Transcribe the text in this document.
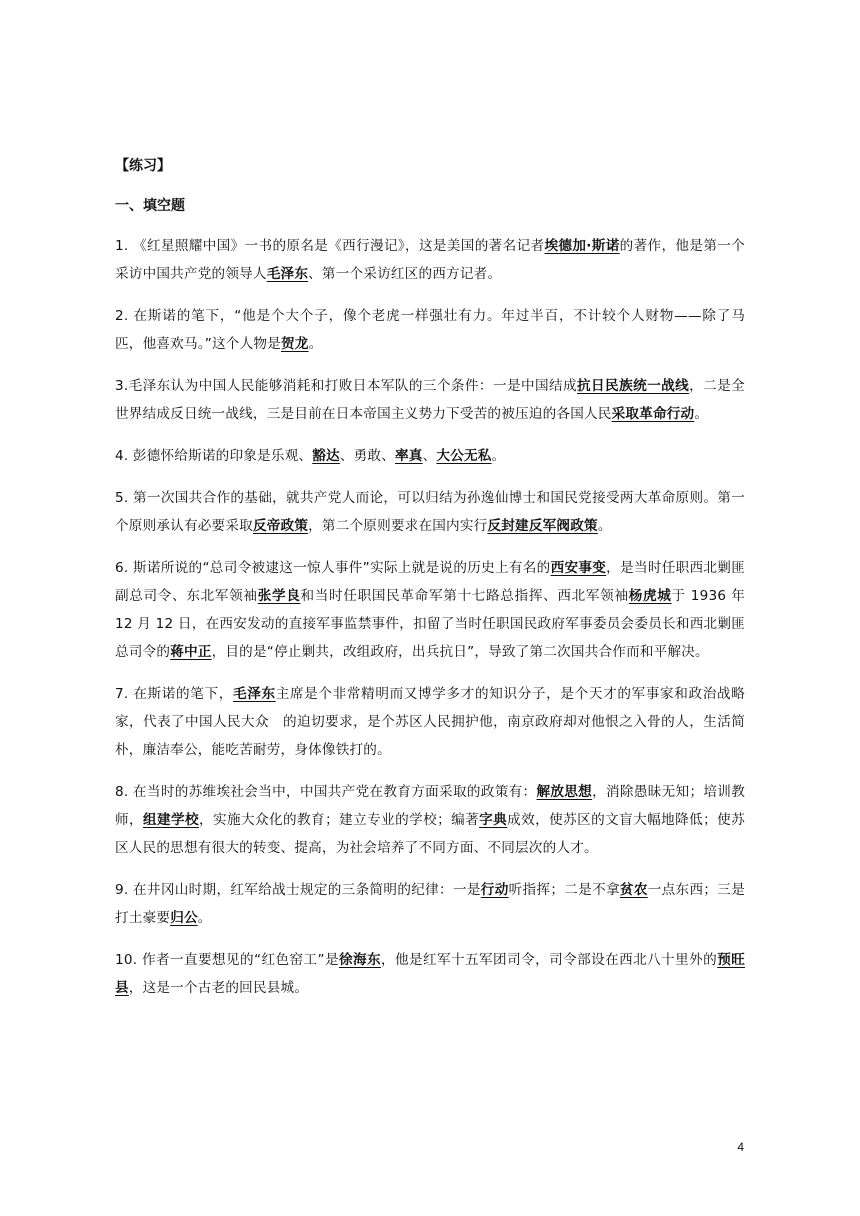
【练习】
一、填空题

1. 《红星照耀中国》一书的原名是《西行漫记》，这是美国的著名记者埃德加·斯诺的著作，他是第一个采访中国共产党的领导人毛泽东、第一个采访红区的西方记者。

2. 在斯诺的笔下，“他是个大个子，像个老虎一样强壮有力。年过半百，不计较个人财物——除了马匹，他喜欢马。”这个人物是贺龙。

3.毛泽东认为中国人民能够消耗和打败日本军队的三个条件：一是中国结成抗日民族统一战线，二是全世界结成反日统一战线，三是目前在日本帝国主义势力下受苦的被压迫的各国人民采取革命行动。

4. 彭德怀给斯诺的印象是乐观、豁达、勇敢、率真、大公无私。

5. 第一次国共合作的基础，就共产党人而论，可以归结为孙逸仙博士和国民党接受两大革命原则。第一个原则承认有必要采取反帝政策，第二个原则要求在国内实行反封建反军阀政策。

6. 斯诺所说的“总司令被逮这一惊人事件”实际上就是说的历史上有名的西安事变，是当时任职西北剿匪副总司令、东北军领袖张学良和当时任职国民革命军第十七路总指挥、西北军领袖杨虎城于 1936 年 12 月 12 日，在西安发动的直接军事监禁事件，扣留了当时任职国民政府军事委员会委员长和西北剿匪总司令的蒋中正，目的是“停止剿共，改组政府，出兵抗日”，导致了第二次国共合作而和平解决。

7. 在斯诺的笔下，毛泽东主席是个非常精明而又博学多才的知识分子，是个天才的军事家和政治战略家，代表了中国人民大众　的迫切要求，是个苏区人民拥护他，南京政府却对他恨之入骨的人，生活简朴，廉洁奉公，能吃苦耐劳，身体像铁打的。

8. 在当时的苏维埃社会当中，中国共产党在教育方面采取的政策有：解放思想，消除愚昧无知；培训教师，组建学校，实施大众化的教育；建立专业的学校；编著字典成效，使苏区的文盲大幅地降低；使苏区人民的思想有很大的转变、提高，为社会培养了不同方面、不同层次的人才。

9. 在井冈山时期，红军给战士规定的三条简明的纪律：一是行动听指挥；二是不拿贫农一点东西；三是打土豪要归公。

10. 作者一直要想见的“红色窑工”是徐海东，他是红军十五军团司令，司令部设在西北八十里外的预旺县，这是一个古老的回民县城。

4
